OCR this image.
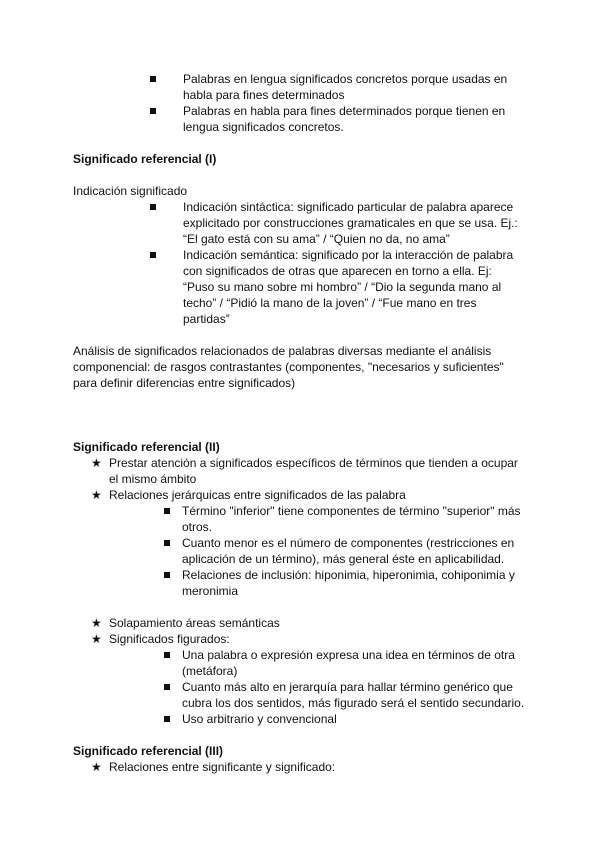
Palabras en lengua significados concretos porque usadas en
habla para fines determinados
Palabras en habla para fines determinados porque tienen en
lengua significados concretos.
Significado referencial (I)
Indicación significado
Indicación sintáctica: significado particular de palabra aparece
explicitado por construcciones gramaticales en que se usa. Ej.:
“El gato está con su ama” / “Quien no da, no ama”
Indicación semántica: significado por la interacción de palabra
con significados de otras que aparecen en torno a ella. Ej:
“Puso su mano sobre mi hombro” / “Dio la segunda mano al
techo” / “Pidió la mano de la joven” / “Fue mano en tres
partidas”
Análisis de significados relacionados de palabras diversas mediante el análisis
componencial: de rasgos contrastantes (componentes, "necesarios y suficientes"
para definir diferencias entre significados)
Significado referencial (II)
★ Prestar atención a significados específicos de términos que tienden a ocupar
el mismo ámbito
★ Relaciones jerárquicas entre significados de las palabra
Término "inferior" tiene componentes de término "superior" más
otros.
Cuanto menor es el número de componentes (restricciones en
aplicación de un término), más general éste en aplicabilidad.
Relaciones de inclusión: hiponimia, hiperonimia, cohiponimia y
meronimia
★ Solapamiento áreas semánticas
★ Significados figurados:
Una palabra o expresión expresa una idea en términos de otra
(metáfora)
Cuanto más alto en jerarquía para hallar término genérico que
cubra los dos sentidos, más figurado será el sentido secundario.
Uso arbitrario y convencional
Significado referencial (III)
★ Relaciones entre significante y significado:
